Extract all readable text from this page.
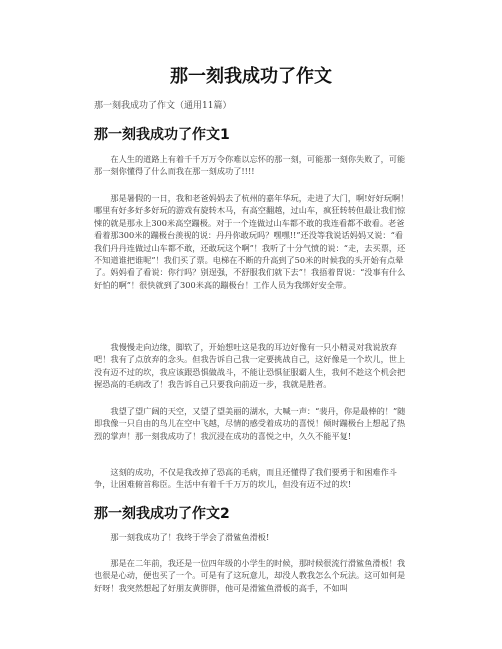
那一刻我成功了作文
那一刻我成功了作文（通用11篇）
那一刻我成功了作文1

在人生的道路上有着千千万万令你难以忘怀的那一刻，可能那一刻你失败了，可能那一刻你懂得了什么而我在那一刻成功了!!!!

那是暑假的一日，我和老爸妈妈去了杭州的嘉年华玩，走进了大门，啊!好好玩啊！哪里有好多好多好玩的游戏有旋转木马，有高空翻越，过山车，疯狂转转但最让我们惊悚的就是那永上300米高空蹦极。对于一个连做过山车都不敢的我连看都不敢看。老爸看着那300米的蹦极台羡视的说：丹丹你敢玩吗？嘿嘿!!”还没等我说话妈妈又说：“看我们丹丹连做过山车都不敢，还敢玩这个啊”！我听了十分气愤的说：“走，去买票，还不知道谁把谁呢”！我们买了票。电梯在不断的升高到了50米的时候我的头开始有点晕了。妈妈看了看说：你行吗？别逞强，不舒服我们就下去”！我捂着胃说：“没事有什么好怕的啊”！很快就到了300米高的蹦极台！工作人员为我绑好安全带。

我慢慢走向边缘，脚软了，开始想吐这是我的耳边好像有一只小精灵对我说放弃吧！我有了点放弃的念头。但我告诉自己我一定要挑战自己，这好像是一个坎儿，世上没有迈不过的坎，我应该跟恐惧做战斗，不能让恐惧征服霸人生，我何不趁这个机会把握恐高的毛病改了！我告诉自己只要我向前迈一步，我就是胜者。

我望了望广阔的天空，又望了望美丽的湖水，大喊一声：“裴丹，你是最棒的！”随即我像一只自由的鸟儿在空中飞越，尽情的感受着成功的喜悦！倾时蹦极台上想起了热烈的掌声！那一刻我成功了！我沉浸在成功的喜悦之中，久久不能平复!

这刻的成功，不仅是我改掉了恐高的毛病，而且还懂得了我们要勇于和困难作斗争，让困难俯首称臣。生活中有着千千万万的坎儿，但没有迈不过的坎!

那一刻我成功了作文2

那一刻我成功了！我终于学会了滑鲨鱼滑板!

那是在二年前，我还是一位四年级的小学生的时候，那时候很流行滑鲨鱼滑板！我也很是心动，便也买了一个。可是有了这玩意儿，却没人教我怎么个玩法。这可如何是好呀！我突然想起了好朋友黄胖胖，他可是滑鲨鱼滑板的高手，不如叫
